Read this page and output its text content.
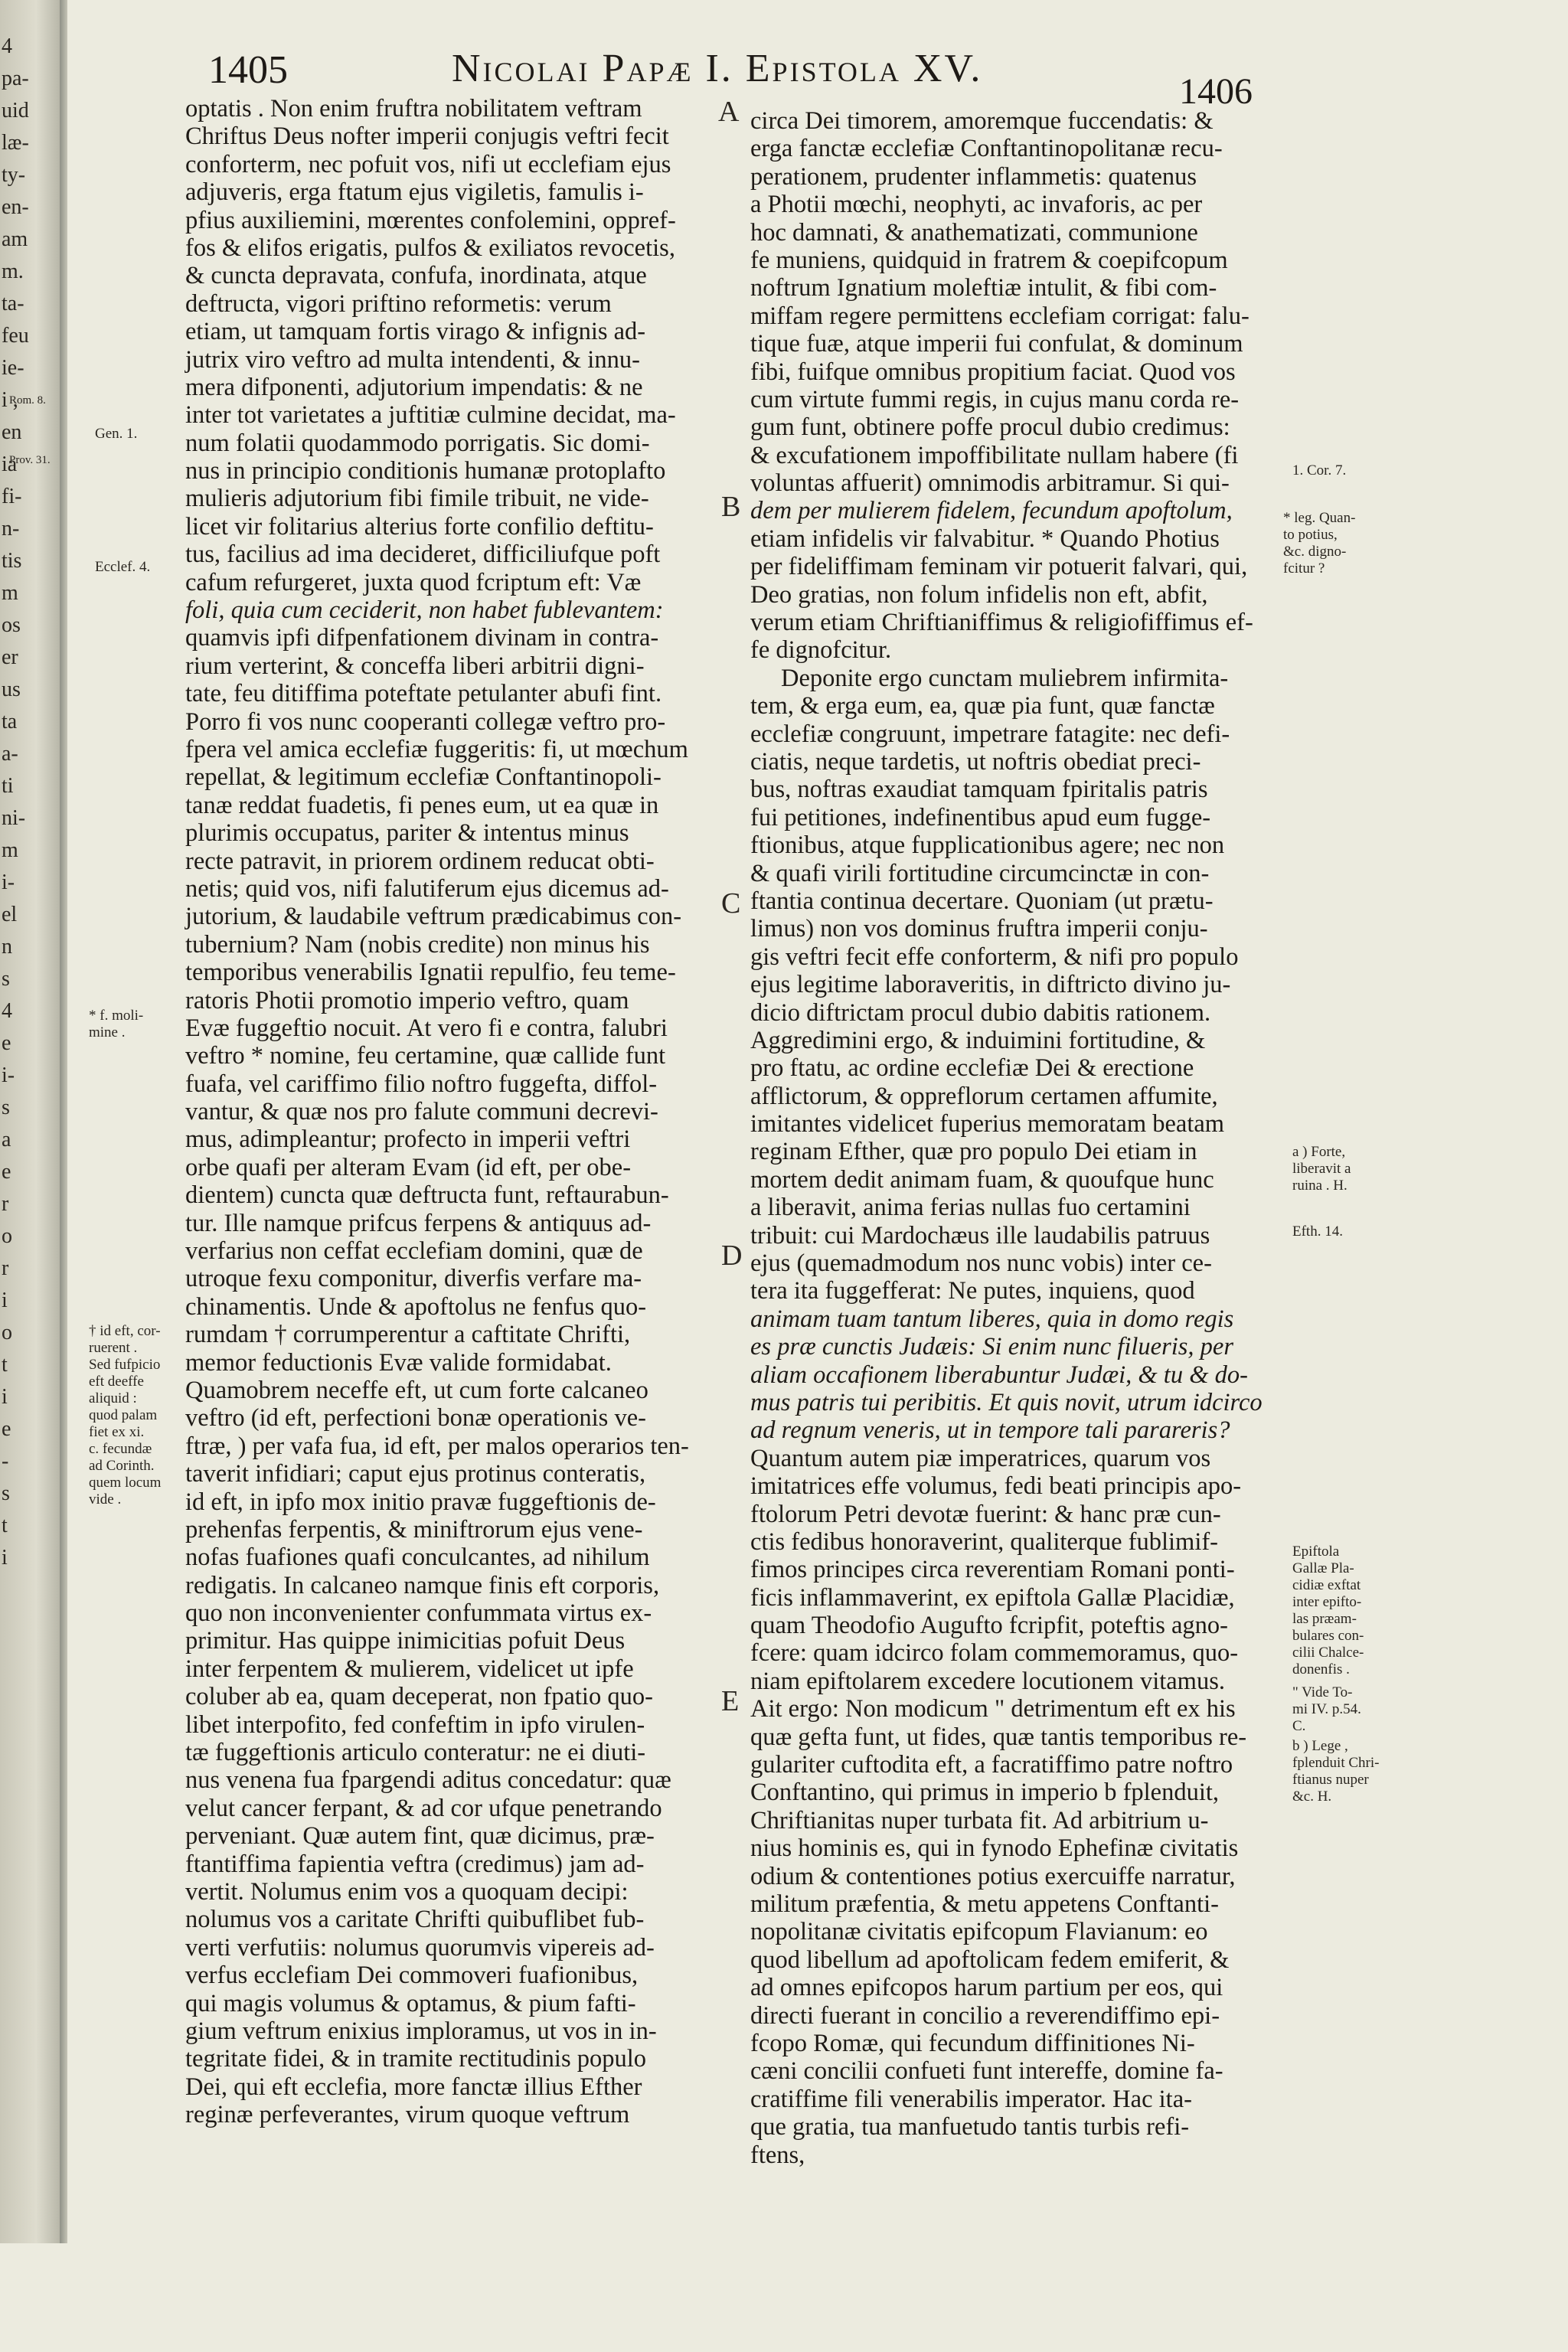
4
pa-
uid
læ-
ty-
en-
am
m.
ta-
feu
ie-
i ,
en
ia
fi-
n-
tis
m
os
er
us
ta
a-
ti
ni-
m
i-
el
n
s
4
e
i-
s
a
e
r
o
r
i
o
t
i
e
-
s
t
i
1405	Nicolai Papæ I. Epistola XV.
1406
optatis . Non enim fruftra nobilitatem veftram
Chriftus Deus nofter imperii conjugis veftri fecit
conforterm, nec pofuit vos, nifi ut ecclefiam ejus
adjuveris, erga ftatum ejus vigiletis, famulis i-
pfius auxiliemini, mœrentes confolemini, oppref-
fos & elifos erigatis, pulfos & exiliatos revocetis,
& cuncta depravata, confufa, inordinata, atque
deftructa, vigori priftino reformetis: verum
etiam, ut tamquam fortis virago & infignis ad-
jutrix viro veftro ad multa intendenti, & innu-
mera difponenti, adjutorium impendatis: & ne
inter tot varietates a juftitiæ culmine decidat, ma-
num folatii quodammodo porrigatis. Sic domi-
nus in principio conditionis humanæ protoplafto
mulieris adjutorium fibi fimile tribuit, ne vide-
licet vir folitarius alterius forte confilio deftitu-
tus, facilius ad ima decideret, difficiliufque poft
cafum refurgeret, juxta quod fcriptum eft: Væ
foli, quia cum ceciderit, non habet fublevantem:
quamvis ipfi difpenfationem divinam in contra-
rium verterint, & conceffa liberi arbitrii digni-
tate, feu ditiffima poteftate petulanter abufi fint.
Porro fi vos nunc cooperanti collegæ veftro pro-
fpera vel amica ecclefiæ fuggeritis: fi, ut mœchum
repellat, & legitimum ecclefiæ Conftantinopoli-
tanæ reddat fuadetis, fi penes eum, ut ea quæ in
plurimis occupatus, pariter & intentus minus
recte patravit, in priorem ordinem reducat obti-
netis; quid vos, nifi falutiferum ejus dicemus ad-
jutorium, & laudabile veftrum prædicabimus con-
tubernium? Nam (nobis credite) non minus his
temporibus venerabilis Ignatii repulfio, feu teme-
ratoris Photii promotio imperio veftro, quam
Evæ fuggeftio nocuit. At vero fi e contra, falubri
veftro * nomine, feu certamine, quæ callide funt
fuafa, vel cariffimo filio noftro fuggefta, diffol-
vantur, & quæ nos pro falute communi decrevi-
mus, adimpleantur; profecto in imperii veftri
orbe quafi per alteram Evam (id eft, per obe-
dientem) cuncta quæ deftructa funt, reftaurabun-
tur. Ille namque prifcus ferpens & antiquus ad-
verfarius non ceffat ecclefiam domini, quæ de
utroque fexu componitur, diverfis verfare ma-
chinamentis. Unde & apoftolus ne fenfus quo-
rumdam † corrumperentur a caftitate Chrifti,
memor feductionis Evæ valide formidabat.
Quamobrem neceffe eft, ut cum forte calcaneo
veftro (id eft, perfectioni bonæ operationis ve-
ftræ, ) per vafa fua, id eft, per malos operarios ten-
taverit infidiari; caput ejus protinus conteratis,
id eft, in ipfo mox initio pravæ fuggeftionis de-
prehenfas ferpentis, & miniftrorum ejus vene-
nofas fuafiones quafi conculcantes, ad nihilum
redigatis. In calcaneo namque finis eft corporis,
quo non inconvenienter confummata virtus ex-
primitur. Has quippe inimicitias pofuit Deus
inter ferpentem & mulierem, videlicet ut ipfe
coluber ab ea, quam deceperat, non fpatio quo-
libet interpofito, fed confeftim in ipfo virulen-
tæ fuggeftionis articulo conteratur: ne ei diuti-
nus venena fua fpargendi aditus concedatur: quæ
velut cancer ferpant, & ad cor ufque penetrando
perveniant. Quæ autem fint, quæ dicimus, præ-
ftantiffima fapientia veftra (credimus) jam ad-
vertit. Nolumus enim vos a quoquam decipi:
nolumus vos a caritate Chrifti quibuflibet fub-
verti verfutiis: nolumus quorumvis vipereis ad-
verfus ecclefiam Dei commoveri fuafionibus,
qui magis volumus & optamus, & pium fafti-
gium veftrum enixius imploramus, ut vos in in-
tegritate fidei, & in tramite rectitudinis populo
Dei, qui eft ecclefia, more fanctæ illius Efther
reginæ perfeverantes, virum quoque veftrum
circa Dei timorem, amoremque fuccendatis: &
erga fanctæ ecclefiæ Conftantinopolitanæ recu-
perationem, prudenter inflammetis: quatenus
a Photii mœchi, neophyti, ac invaforis, ac per
hoc damnati, & anathematizati, communione
fe muniens, quidquid in fratrem & coepifcopum
noftrum Ignatium moleftiæ intulit, & fibi com-
miffam regere permittens ecclefiam corrigat: falu-
tique fuæ, atque imperii fui confulat, & dominum
fibi, fuifque omnibus propitium faciat. Quod vos
cum virtute fummi regis, in cujus manu corda re-
gum funt, obtinere poffe procul dubio credimus:
& excufationem impoffibilitate nullam habere (fi
voluntas affuerit) omnimodis arbitramur. Si qui-
dem per mulierem fidelem, fecundum apoftolum,
etiam infidelis vir falvabitur. * Quando Photius
per fideliffimam feminam vir potuerit falvari, qui,
Deo gratias, non folum infidelis non eft, abfit,
verum etiam Chriftianiffimus & religiofiffimus ef-
fe dignofcitur.
Deponite ergo cunctam muliebrem infirmita-
tem, & erga eum, ea, quæ pia funt, quæ fanctæ
ecclefiæ congruunt, impetrare fatagite: nec defi-
ciatis, neque tardetis, ut noftris obediat preci-
bus, noftras exaudiat tamquam fpiritalis patris
fui petitiones, indefinentibus apud eum fugge-
ftionibus, atque fupplicationibus agere; nec non
& quafi virili fortitudine circumcinctæ in con-
ftantia continua decertare. Quoniam (ut prætu-
limus) non vos dominus fruftra imperii conju-
gis veftri fecit effe conforterm, & nifi pro populo
ejus legitime laboraveritis, in diftricto divino ju-
dicio diftrictam procul dubio dabitis rationem.
Aggredimini ergo, & induimini fortitudine, &
pro ftatu, ac ordine ecclefiæ Dei & erectione
afflictorum, & oppreflorum certamen affumite,
imitantes videlicet fuperius memoratam beatam
reginam Efther, quæ pro populo Dei etiam in
mortem dedit animam fuam, & quoufque hunc
a liberavit, anima ferias nullas fuo certamini
tribuit: cui Mardochæus ille laudabilis patruus
ejus (quemadmodum nos nunc vobis) inter ce-
tera ita fuggefferat: Ne putes, inquiens, quod
animam tuam tantum liberes, quia in domo regis
es præ cunctis Judæis: Si enim nunc filueris, per
aliam occafionem liberabuntur Judæi, & tu & do-
mus patris tui peribitis. Et quis novit, utrum idcirco
ad regnum veneris, ut in tempore tali parareris?
Quantum autem piæ imperatrices, quarum vos
imitatrices effe volumus, fedi beati principis apo-
ftolorum Petri devotæ fuerint: & hanc præ cun-
ctis fedibus honoraverint, qualiterque fublimif-
fimos principes circa reverentiam Romani ponti-
ficis inflammaverint, ex epiftola Gallæ Placidiæ,
quam Theodofio Augufto fcripfit, poteftis agno-
fcere: quam idcirco folam commemoramus, quo-
niam epiftolarem excedere locutionem vitamus.
Ait ergo: Non modicum " detrimentum eft ex his
quæ gefta funt, ut fides, quæ tantis temporibus re-
gulariter cuftodita eft, a facratiffimo patre noftro
Conftantino, qui primus in imperio b fplenduit,
Chriftianitas nuper turbata fit. Ad arbitrium u-
nius hominis es, qui in fynodo Ephefinæ civitatis
odium & contentiones potius exercuiffe narratur,
militum præfentia, & metu appetens Conftanti-
nopolitanæ civitatis epifcopum Flavianum: eo
quod libellum ad apoftolicam fedem emiferit, &
ad omnes epifcopos harum partium per eos, qui
directi fuerant in concilio a reverendiffimo epi-
fcopo Romæ, qui fecundum diffinitiones Ni-
cæni concilii confueti funt intereffe, domine fa-
cratiffime fili venerabilis imperator. Hac ita-
que gratia, tua manfuetudo tantis turbis refi-
ftens,
A
B
C
D
E
Gen. 1.
Ecclef. 4.
* f. moli-
mine .
† id eft, cor-
ruerent .
Sed fufpicio
eft deeffe
aliquid :
quod palam
fiet ex xi.
c. fecundæ
ad Corinth.
quem locum
vide .
Rom. 8.
Prov. 31.
1. Cor. 7.
* leg. Quan-
to potius,
&c. digno-
fcitur ?
a ) Forte,
liberavit a
ruina . H.
Efth. 14.
Epiftola
Gallæ Pla-
cidiæ exftat
inter epifto-
las præam-
bulares con-
cilii Chalce-
donenfis .
" Vide To-
mi IV. p.54.
C.
b ) Lege ,
fplenduit Chri-
ftianus nuper
&c. H.
